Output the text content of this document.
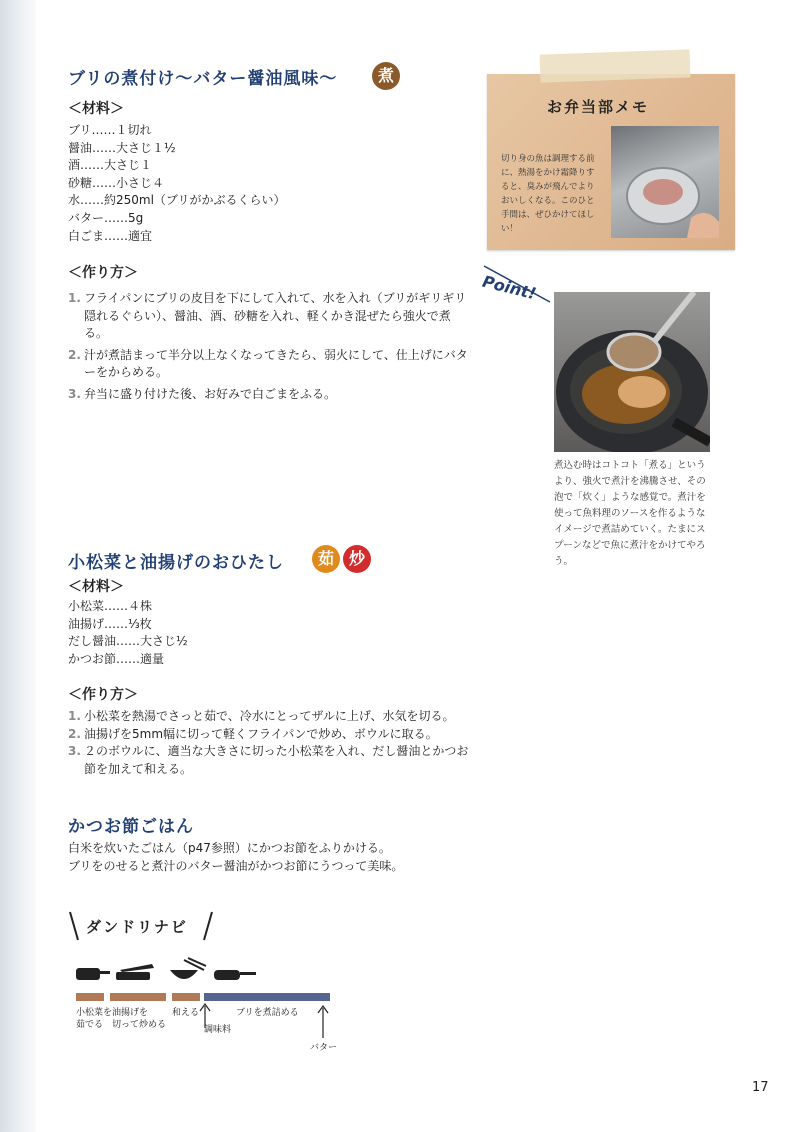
ブリの煮付け～バター醤油風味～	煮
＜材料＞
ブリ……１切れ
醤油……大さじ１½
酒……大さじ１
砂糖……小さじ４
水……約250ml（ブリがかぶるくらい）
バター……5g
白ごま……適宜
＜作り方＞
1. フライパンにブリの皮目を下にして入れて、水を入れ（ブリがギリギリ隠れるぐらい）、醤油、酒、砂糖を入れ、軽くかき混ぜたら強火で煮る。
2. 汁が煮詰まって半分以上なくなってきたら、弱火にして、仕上げにバターをからめる。
3. 弁当に盛り付けた後、お好みで白ごまをふる。
お弁当部メモ
切り身の魚は調理する前に、熱湯をかけ霜降りすると、臭みが飛んでよりおいしくなる。このひと手間は、ぜひかけてほしい！
Point!
煮込む時はコトコト「煮る」というより、強火で煮汁を沸騰させ、その泡で「炊く」ような感覚で。煮汁を使って魚料理のソースを作るようなイメージで煮詰めていく。たまにスプーンなどで魚に煮汁をかけてやろう。
小松菜と油揚げのおひたし	茹 炒
＜材料＞
小松菜……４株
油揚げ……⅓枚
だし醤油……大さじ½
かつお節……適量
＜作り方＞
1. 小松菜を熱湯でさっと茹で、冷水にとってザルに上げ、水気を切る。
2. 油揚げを5mm幅に切って軽くフライパンで炒め、ボウルに取る。
3. ２のボウルに、適当な大きさに切った小松菜を入れ、だし醤油とかつお節を加えて和える。
かつお節ごはん
白米を炊いたごはん（p47参照）にかつお節をふりかける。
ブリをのせると煮汁のバター醤油がかつお節にうつって美味。
ダンドリナビ
小松菜を
茹でる
油揚げを
切って炒める
和える	ブリを煮詰める
調味料
バター
17
